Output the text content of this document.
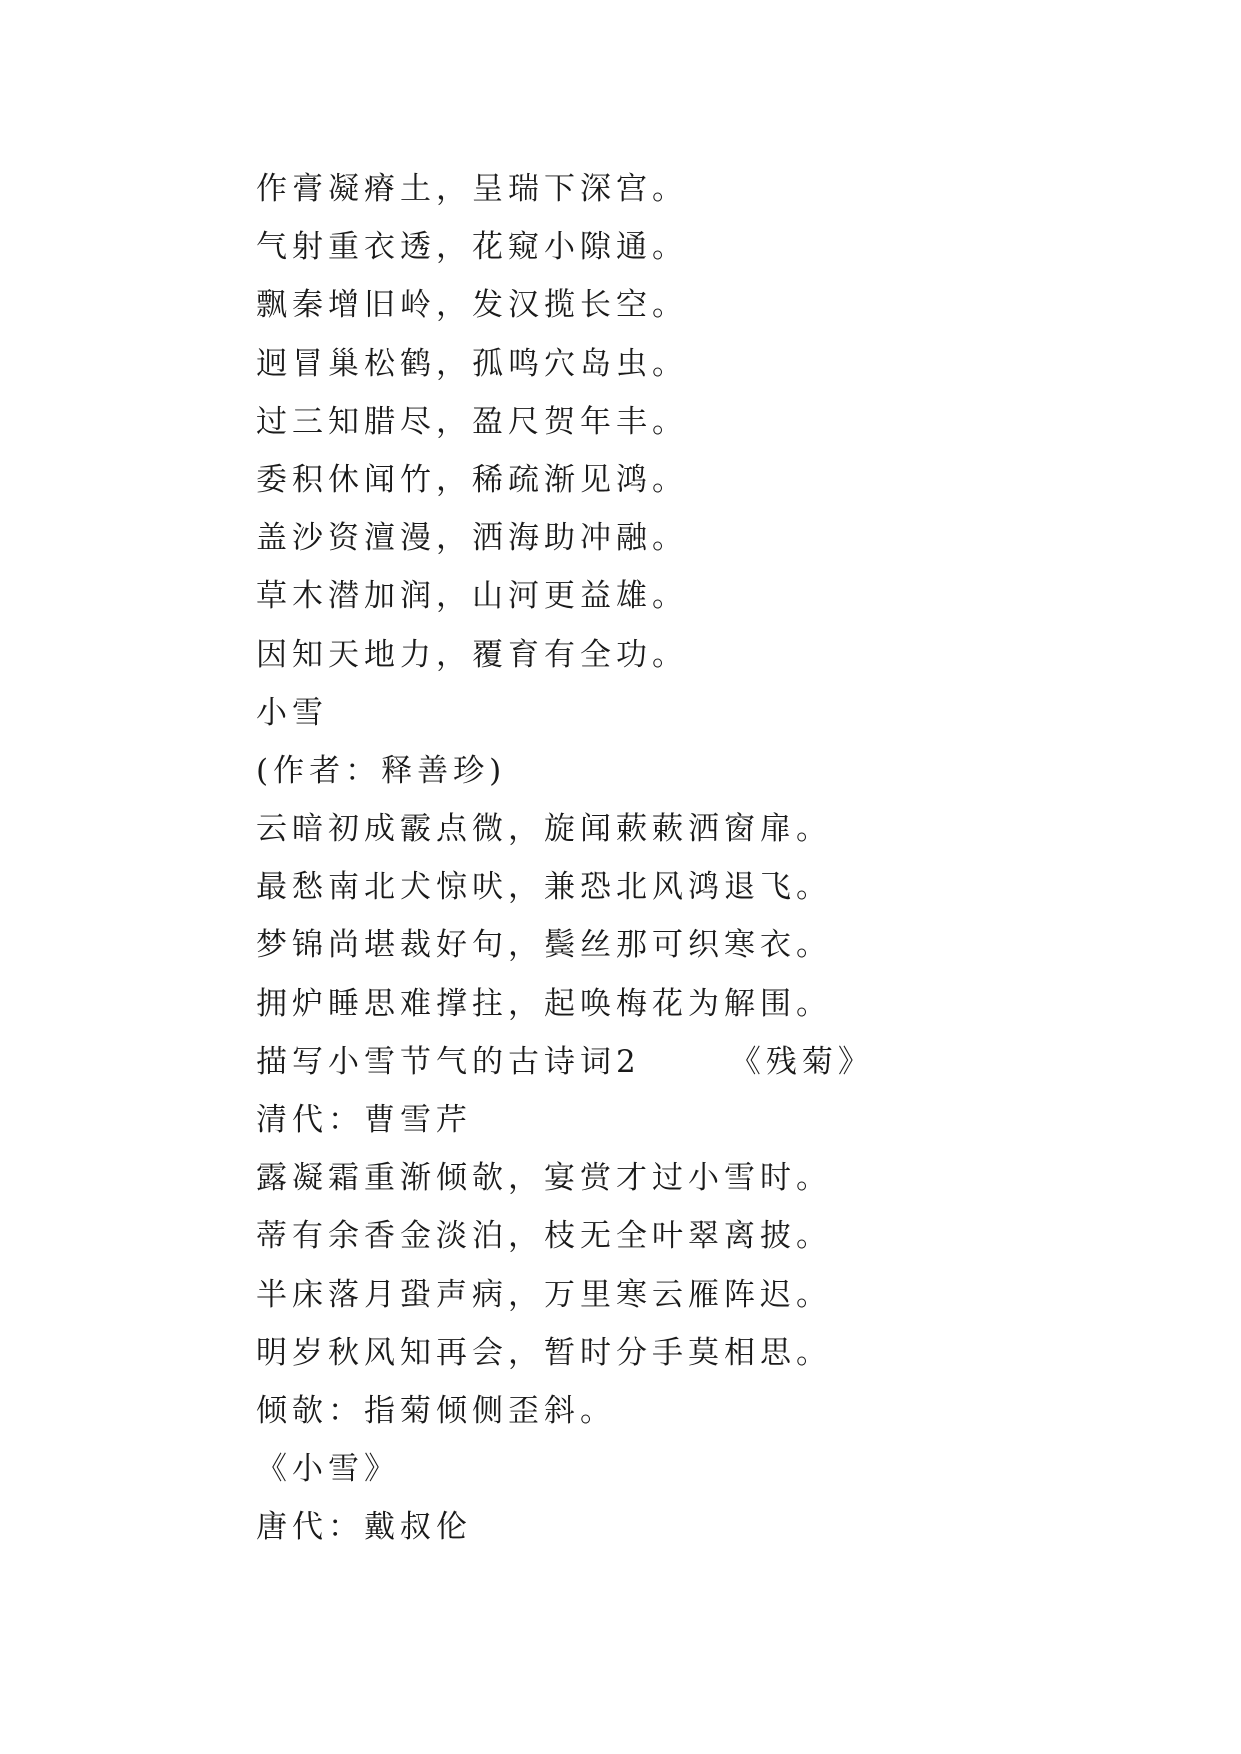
作膏凝瘠土，呈瑞下深宫。

气射重衣透，花窥小隙通。

飘秦增旧岭，发汉揽长空。

迥冒巢松鹤，孤鸣穴岛虫。

过三知腊尽，盈尺贺年丰。

委积休闻竹，稀疏渐见鸿。

盖沙资澶漫，洒海助冲融。

草木潜加润，山河更益雄。

因知天地力，覆育有全功。

小雪

(作者：释善珍)

云暗初成霰点微，旋闻蔌蔌洒窗扉。

最愁南北犬惊吠，兼恐北风鸿退飞。

梦锦尚堪裁好句，鬓丝那可织寒衣。

拥炉睡思难撑拄，起唤梅花为解围。

描写小雪节气的古诗词2      《残菊》

清代：曹雪芹

露凝霜重渐倾欹，宴赏才过小雪时。

蒂有余香金淡泊，枝无全叶翠离披。

半床落月蛩声病，万里寒云雁阵迟。

明岁秋风知再会，暂时分手莫相思。

倾欹：指菊倾侧歪斜。

《小雪》

唐代：戴叔伦
